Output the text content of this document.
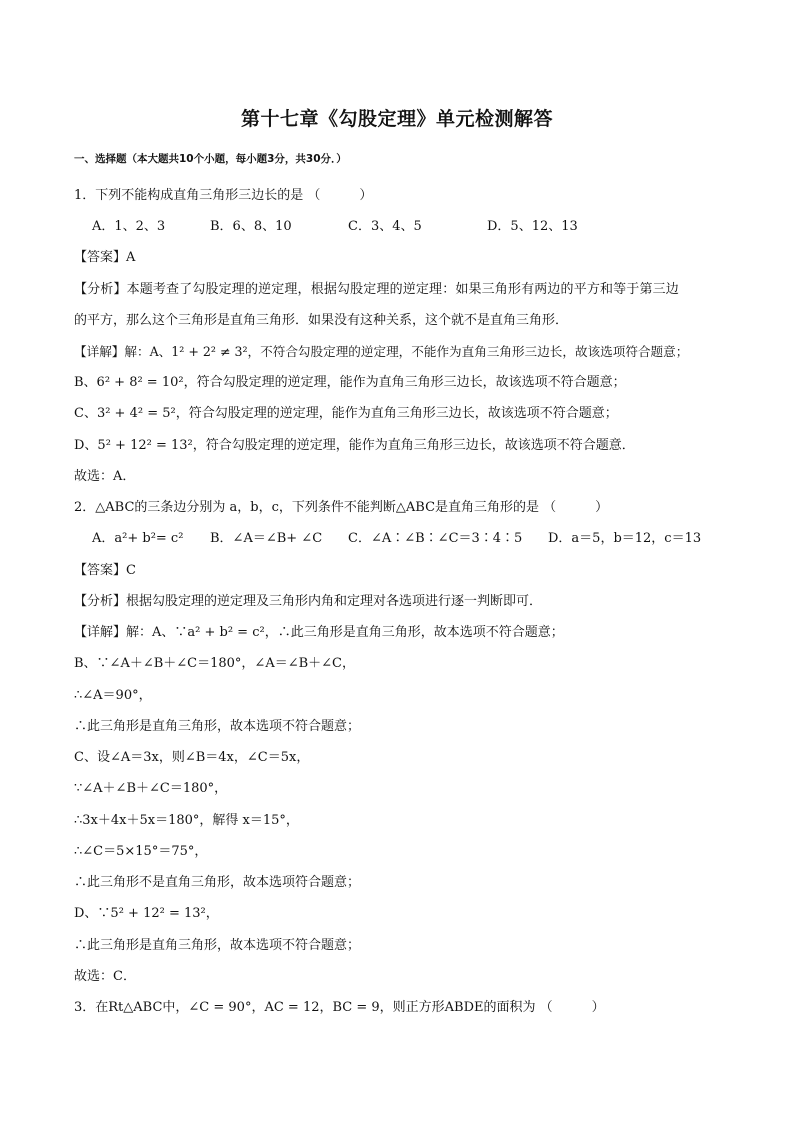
第十七章《勾股定理》单元检测解答
一、选择题（本大题共10个小题，每小题3分，共30分．）
1．下列不能构成直角三角形三边长的是 （　　　）
A．1、2、3	B．6、8、10	C．3、4、5	D．5、12、13
【答案】A
【分析】本题考查了勾股定理的逆定理，根据勾股定理的逆定理：如果三角形有两边的平方和等于第三边
的平方，那么这个三角形是直角三角形．如果没有这种关系，这个就不是直角三角形．
【详解】解：A、1² + 2² ≠ 3²，不符合勾股定理的逆定理，不能作为直角三角形三边长，故该选项符合题意；
B、6² + 8² = 10²，符合勾股定理的逆定理，能作为直角三角形三边长，故该选项不符合题意；
C、3² + 4² = 5²，符合勾股定理的逆定理，能作为直角三角形三边长，故该选项不符合题意；
D、5² + 12² = 13²，符合勾股定理的逆定理，能作为直角三角形三边长，故该选项不符合题意．
故选：A．
2．△ABC的三条边分别为 a，b，c，下列条件不能判断△ABC是直角三角形的是 （　　　）
A．a²+ b²= c² B．∠A＝∠B+ ∠C C．∠A∶∠B∶∠C＝3∶4∶5 D．a＝5，b＝12，c＝13
【答案】C
【分析】根据勾股定理的逆定理及三角形内角和定理对各选项进行逐一判断即可．
【详解】解：A、∵a² + b² = c²，∴此三角形是直角三角形，故本选项不符合题意；
B、∵∠A＋∠B＋∠C＝180°，∠A＝∠B＋∠C，
∴∠A＝90°，
∴此三角形是直角三角形，故本选项不符合题意；
C、设∠A＝3x，则∠B＝4x，∠C＝5x，
∵∠A＋∠B＋∠C＝180°，
∴3x＋4x＋5x＝180°，解得 x＝15°，
∴∠C＝5×15°＝75°，
∴此三角形不是直角三角形，故本选项符合题意；
D、∵5² + 12² = 13²，
∴此三角形是直角三角形，故本选项不符合题意；
故选：C．
3．在Rt△ABC中，∠C = 90°，AC = 12，BC = 9，则正方形ABDE的面积为 （　　　）
